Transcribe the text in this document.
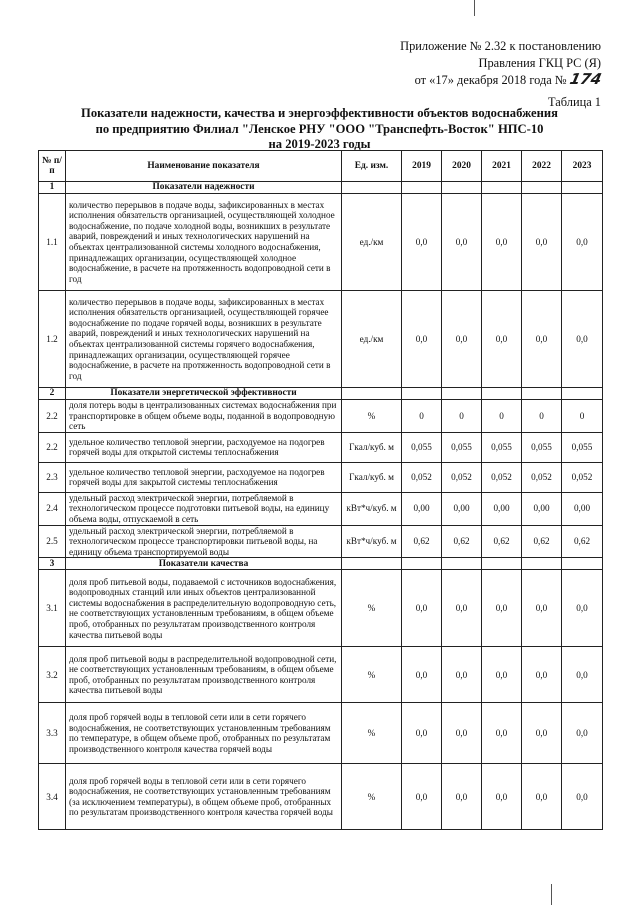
Приложение № 2.32 к постановлению
Правления ГКЦ РС (Я)
от «17» декабря 2018 года №174
Таблица 1
Показатели надежности, качества и энергоэффективности объектов водоснабжения
по предприятию Филиал "Ленское РНУ "ООО "Транспефть-Восток" НПС-10
на 2019-2023 годы
№ п/п	Наименование показателя	Ед. изм.	2019	2020	2021	2022	2023
1	Показатели надежности						
1.1	количество перерывов в подаче воды, зафиксированных в местах исполнения обязательств организацией, осуществляющей холодное водоснабжение, по подаче холодной воды, возникших в результате аварий, повреждений и иных технологических нарушений на объектах централизованной системы холодного водоснабжения, принадлежащих организации, осуществляющей холодное водоснабжение, в расчете на протяженность водопроводной сети в год	ед./км	0,0	0,0	0,0	0,0	0,0
1.2	количество перерывов в подаче воды, зафиксированных в местах исполнения обязательств организацией, осуществляющей горячее водоснабжение по подаче горячей воды, возникших в результате аварий, повреждений и иных технологических нарушений на объектах централизованной системы горячего водоснабжения, принадлежащих организации, осуществляющей горячее водоснабжение, в расчете на протяженность водопроводной сети в год	ед./км	0,0	0,0	0,0	0,0	0,0
2	Показатели энергетической эффективности						
2.2	доля потерь воды в централизованных системах водоснабжения при транспортировке в общем объеме воды, поданной в водопроводную сеть	%	0	0	0	0	0
2.2	удельное количество тепловой энергии, расходуемое на подогрев горячей воды для открытой системы теплоснабжения	Гкал/куб. м	0,055	0,055	0,055	0,055	0,055
2.3	удельное количество тепловой энергии, расходуемое на подогрев горячей воды для закрытой системы теплоснабжения	Гкал/куб. м	0,052	0,052	0,052	0,052	0,052
2.4	удельный расход электрической энергии, потребляемой в технологическом процессе подготовки питьевой воды, на единицу объема воды, отпускаемой в сеть	кВт*ч/куб. м	0,00	0,00	0,00	0,00	0,00
2.5	удельный расход электрической энергии, потребляемой в технологическом процессе транспортировки питьевой воды, на единицу объема транспортируемой воды	кВт*ч/куб. м	0,62	0,62	0,62	0,62	0,62
3	Показатели качества						
3.1	доля проб питьевой воды, подаваемой с источников водоснабжения, водопроводных станций или иных объектов централизованной системы водоснабжения в распределительную водопроводную сеть, не соответствующих установленным требованиям, в общем объеме проб, отобранных по результатам производственного контроля качества питьевой воды	%	0,0	0,0	0,0	0,0	0,0
3.2	доля проб питьевой воды в распределительной водопроводной сети, не соответствующих установленным требованиям, в общем объеме проб, отобранных по результатам производственного контроля качества питьевой воды	%	0,0	0,0	0,0	0,0	0,0
3.3	доля проб горячей воды в тепловой сети или в сети горячего водоснабжения, не соответствующих установленным требованиям по температуре, в общем объеме проб, отобранных по результатам производственного контроля качества горячей воды	%	0,0	0,0	0,0	0,0	0,0
3.4	доля проб горячей воды в тепловой сети или в сети горячего водоснабжения, не соответствующих установленным требованиям (за исключением температуры), в общем объеме проб, отобранных по результатам производственного контроля качества горячей воды	%	0,0	0,0	0,0	0,0	0,0
